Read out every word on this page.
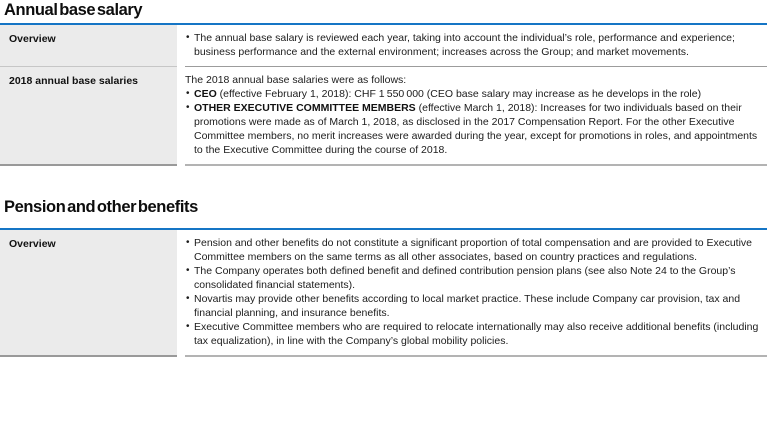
Annual base salary
Overview	• The annual base salary is reviewed each year, taking into account the individual’s role, performance and experience; business performance and the external environment; increases across the Group; and market movements.

2018 annual base salaries	The 2018 annual base salaries were as follows:

• CEO (effective February 1, 2018): CHF 1 550 000 (CEO base salary may increase as he develops in the role)

• OTHER EXECUTIVE COMMITTEE MEMBERS (effective March 1, 2018): Increases for two individuals based on their promotions were made as of March 1, 2018, as disclosed in the 2017 Compensation Report. For the other Executive Committee members, no merit increases were awarded during the year, except for promotions in roles, and appointments to the Executive Committee during the course of 2018.

Pension and other benefits
Overview	• Pension and other benefits do not constitute a significant proportion of total compensation and are provided to Executive Committee members on the same terms as all other associates, based on country practices and regulations.

• The Company operates both defined benefit and defined contribution pension plans (see also Note 24 to the Group’s consolidated financial statements).

• Novartis may provide other benefits according to local market practice. These include Company car provision, tax and financial planning, and insurance benefits.

• Executive Committee members who are required to relocate internationally may also receive additional benefits (including tax equalization), in line with the Company’s global mobility policies.
